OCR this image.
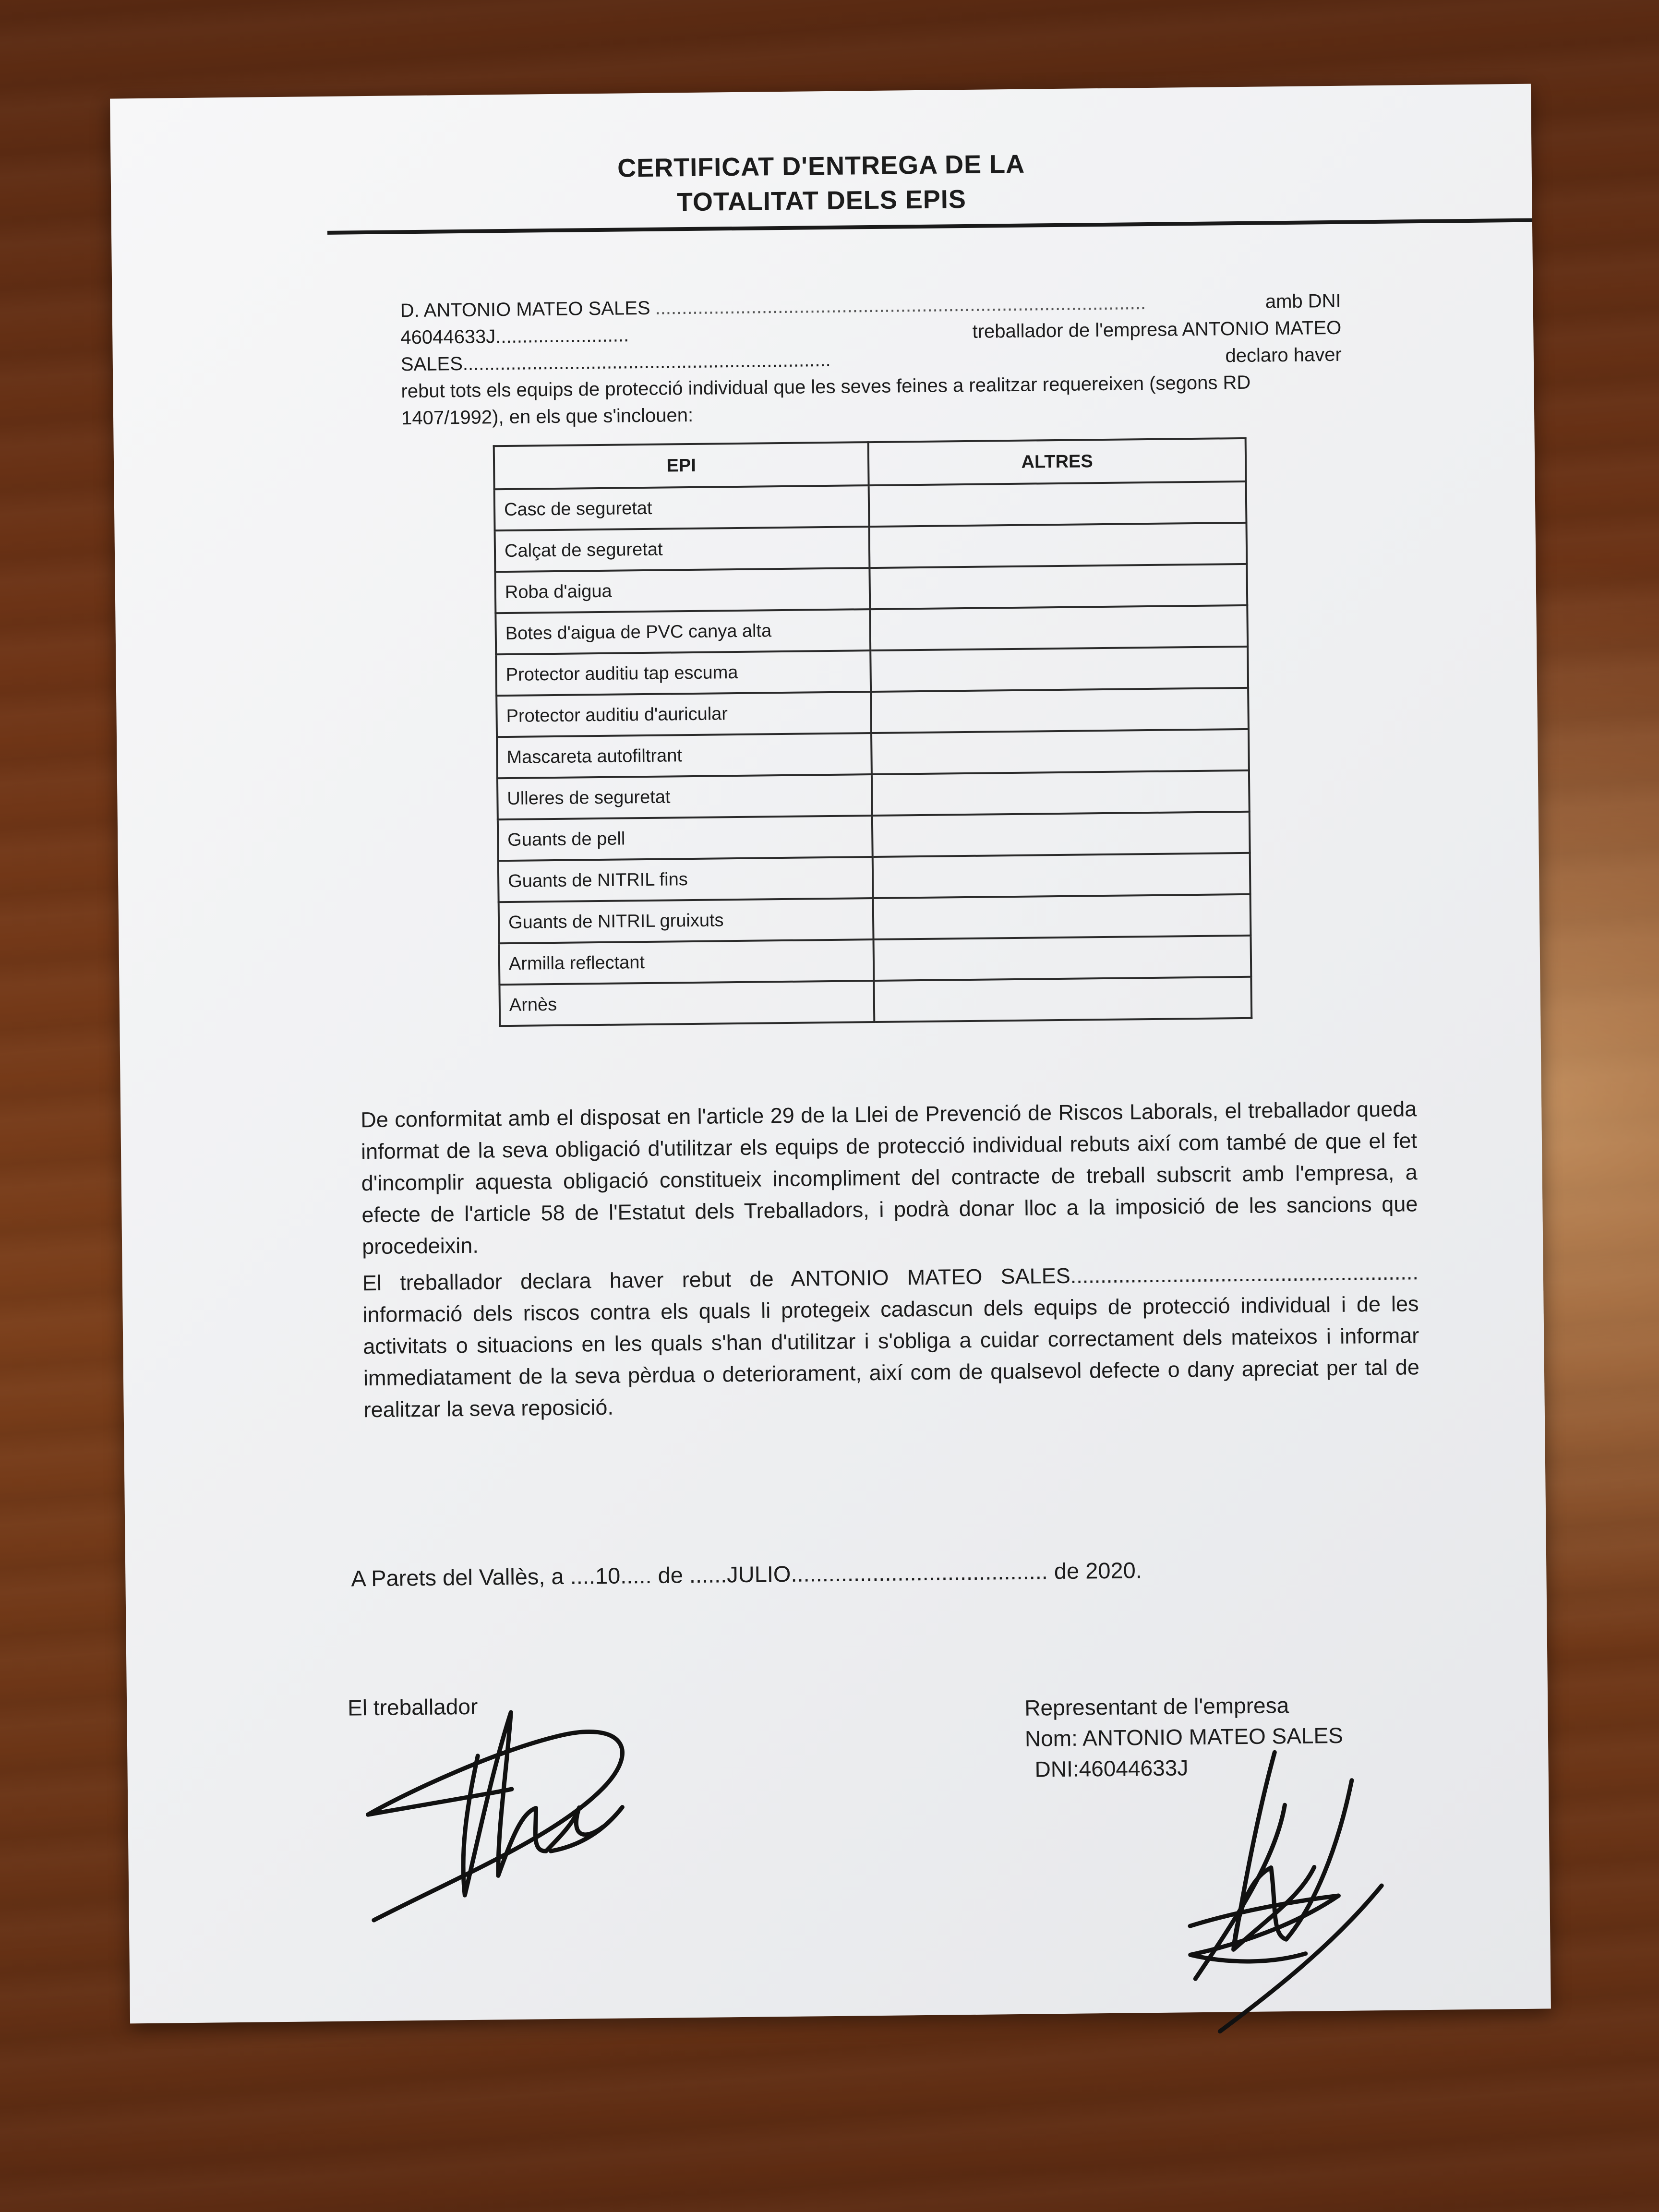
CERTIFICAT D'ENTREGA DE LA
TOTALITAT DELS EPIS
D. ANTONIO MATEO SALES ............................................................................................	amb DNI
46044633J.........................	treballador de l'empresa ANTONIO MATEO
SALES.....................................................................	declaro haver
rebut tots els equips de protecció individual que les seves feines a realitzar requereixen (segons RD 1407/1992), en els que s'inclouen:
EPI	ALTRES
Casc de seguretat	
Calçat de seguretat	
Roba d'aigua	
Botes d'aigua de PVC canya alta	
Protector auditiu tap escuma	
Protector auditiu d'auricular	
Mascareta autofiltrant	
Ulleres de seguretat	
Guants de pell	
Guants de NITRIL fins	
Guants de NITRIL gruixuts	
Armilla reflectant	
Arnès	
De conformitat amb el disposat en l'article 29 de la Llei de Prevenció de Riscos Laborals, el treballador queda informat de la seva obligació d'utilitzar els equips de protecció individual rebuts així com també de que el fet d'incomplir aquesta obligació constitueix incompliment del contracte de treball subscrit amb l'empresa, a efecte de l'article 58 de l'Estatut dels Treballadors, i podrà donar lloc a la imposició de les sancions que procedeixin.
El treballador declara haver rebut de ANTONIO MATEO SALES.......................................................... informació dels riscos contra els quals li protegeix cadascun dels equips de protecció individual i de les activitats o situacions en les quals s'han d'utilitzar i s'obliga a cuidar correctament dels mateixos i informar immediatament de la seva pèrdua o deteriorament, així com de qualsevol defecte o dany apreciat per tal de realitzar la seva reposició.
A Parets del Vallès, a ....10..... de ......JULIO......................................... de 2020.
El treballador	Representant de l'empresa
Nom: ANTONIO MATEO SALES
DNI:46044633J
